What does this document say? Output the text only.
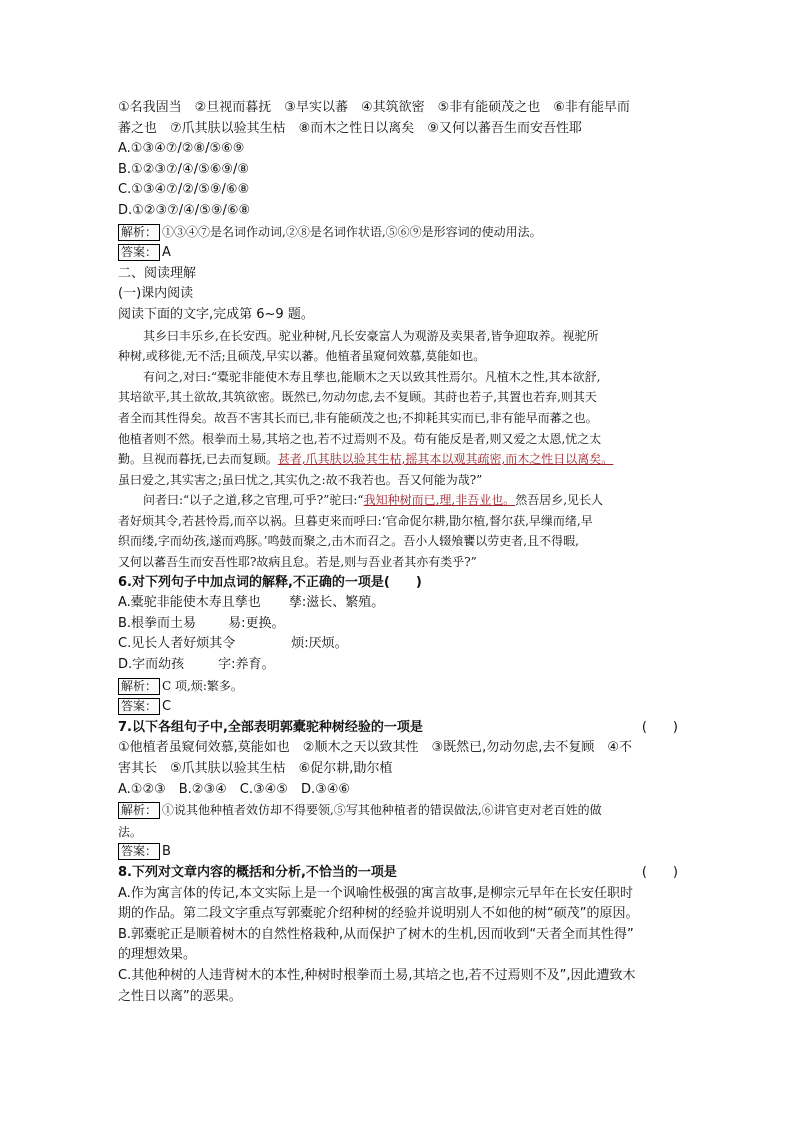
①名我固当　②旦视而暮抚　③早实以蕃　④其筑欲密　⑤非有能硕茂之也　⑥非有能早而
蕃之也　⑦爪其肤以验其生枯　⑧而木之性日以离矣　⑨又何以蕃吾生而安吾性耶
A.①③④⑦/②⑧/⑤⑥⑨
B.①②③⑦/④/⑤⑥⑨/⑧
C.①③④⑦/②/⑤⑨/⑥⑧
D.①②③⑦/④/⑤⑨/⑥⑧
解析： ①③④⑦是名词作动词,②⑧是名词作状语,⑤⑥⑨是形容词的使动用法。
答案： A
二、阅读理解
(一)课内阅读
阅读下面的文字,完成第 6~9 题。
其乡曰丰乐乡,在长安西。驼业种树,凡长安豪富人为观游及卖果者,皆争迎取养。视驼所
种树,或移徙,无不活;且硕茂,早实以蕃。他植者虽窥伺效慕,莫能如也。
有问之,对曰:“橐驼非能使木寿且孳也,能顺木之天以致其性焉尔。凡植木之性,其本欲舒,
其培欲平,其土欲故,其筑欲密。既然已,勿动勿虑,去不复顾。其莳也若子,其置也若弃,则其天
者全而其性得矣。故吾不害其长而已,非有能硕茂之也;不抑耗其实而已,非有能早而蕃之也。
他植者则不然。根拳而土易,其培之也,若不过焉则不及。苟有能反是者,则又爱之太恩,忧之太
勤。旦视而暮抚,已去而复顾。甚者,爪其肤以验其生枯,摇其本以观其疏密,而木之性日以离矣。
虽曰爱之,其实害之;虽曰忧之,其实仇之:故不我若也。吾又何能为哉?”
问者曰:“以子之道,移之官理,可乎?”驼曰:“我知种树而已,理,非吾业也。然吾居乡,见长人
者好烦其令,若甚怜焉,而卒以祸。旦暮吏来而呼曰:‘官命促尔耕,勖尔植,督尔获,早缫而绪,早
织而缕,字而幼孩,遂而鸡豚。’鸣鼓而聚之,击木而召之。吾小人辍飧饔以劳吏者,且不得暇,
又何以蕃吾生而安吾性耶?故病且怠。若是,则与吾业者其亦有类乎?”
6.对下列句子中加点词的解释,不正确的一项是(　　)
A.橐驼非能使木寿且孳也 孳:滋长、繁殖。
B.根拳而土易 易:更换。
C.见长人者好烦其令	烦:厌烦。
D.字而幼孩	字:养育。
解析： C 项,烦:繁多。
答案： C
7.以下各组句子中,全部表明郭橐驼种树经验的一项是	(　　)
①他植者虽窥伺效慕,莫能如也　②顺木之天以致其性　③既然已,勿动勿虑,去不复顾　④不
害其长　⑤爪其肤以验其生枯　⑥促尔耕,勖尔植
A.①②③　B.②③④　C.③④⑤　D.③④⑥
解析： ①说其他种植者效仿却不得要领,⑤写其他种植者的错误做法,⑥讲官吏对老百姓的做
法。
答案： B
8.下列对文章内容的概括和分析,不恰当的一项是	(　　)
A.作为寓言体的传记,本文实际上是一个讽喻性极强的寓言故事,是柳宗元早年在长安任职时
期的作品。第二段文字重点写郭橐驼介绍种树的经验并说明别人不如他的树“硕茂”的原因。
B.郭橐驼正是顺着树木的自然性格栽种,从而保护了树木的生机,因而收到“天者全而其性得”
的理想效果。
C.其他种树的人违背树木的本性,种树时根拳而土易,其培之也,若不过焉则不及”,因此遭致木
之性日以离”的恶果。
